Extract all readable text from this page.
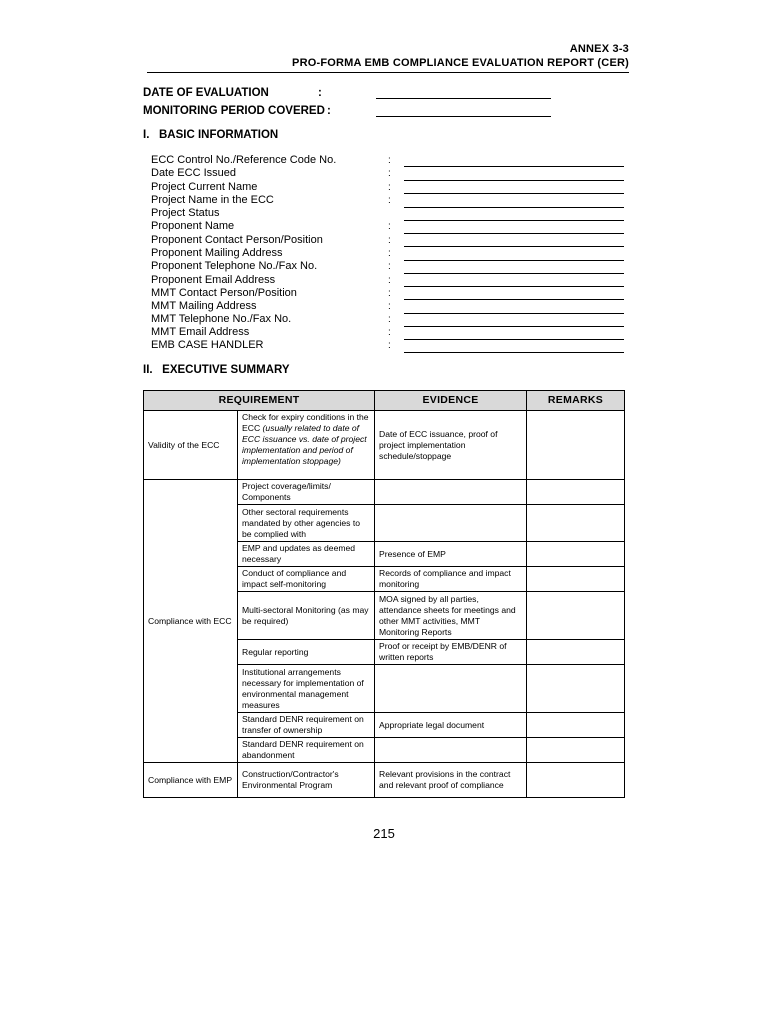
ANNEX 3-3
PRO-FORMA EMB COMPLIANCE EVALUATION REPORT (CER)
DATE OF EVALUATION	:
MONITORING PERIOD COVERED :
I.   BASIC INFORMATION
ECC Control No./Reference Code No.	:
Date ECC Issued	:
Project Current Name	:
Project Name in the ECC	:
Project Status
Proponent Name	:
Proponent Contact Person/Position	:
Proponent Mailing Address	:
Proponent Telephone No./Fax No.	:
Proponent Email Address	:
MMT Contact Person/Position	:
MMT Mailing Address	:
MMT Telephone No./Fax No.	:
MMT Email Address	:
EMB CASE HANDLER	:
II.   EXECUTIVE SUMMARY
REQUIREMENT		EVIDENCE	REMARKS
Validity of the ECC	Check for expiry conditions in the ECC (usually related to date of ECC issuance vs. date of project implementation and period of implementation stoppage)	Date of ECC issuance, proof of project implementation schedule/stoppage	
Compliance with ECC	Project coverage/limits/ Components		
	Other sectoral requirements mandated by other agencies to be complied with		
	EMP and updates as deemed necessary	Presence of EMP	
	Conduct of compliance and impact self-monitoring	Records of compliance and impact monitoring	
	Multi-sectoral Monitoring (as may be required)	MOA signed by all parties, attendance sheets for meetings and other MMT activities, MMT Monitoring Reports	
	Regular reporting	Proof or receipt by EMB/DENR of written reports	
	Institutional arrangements necessary for implementation of environmental management measures		
	Standard DENR requirement on transfer of ownership	Appropriate legal document	
	Standard DENR requirement on abandonment		
Compliance with EMP	Construction/Contractor's Environmental Program	Relevant provisions in the contract and relevant proof of compliance	
215
